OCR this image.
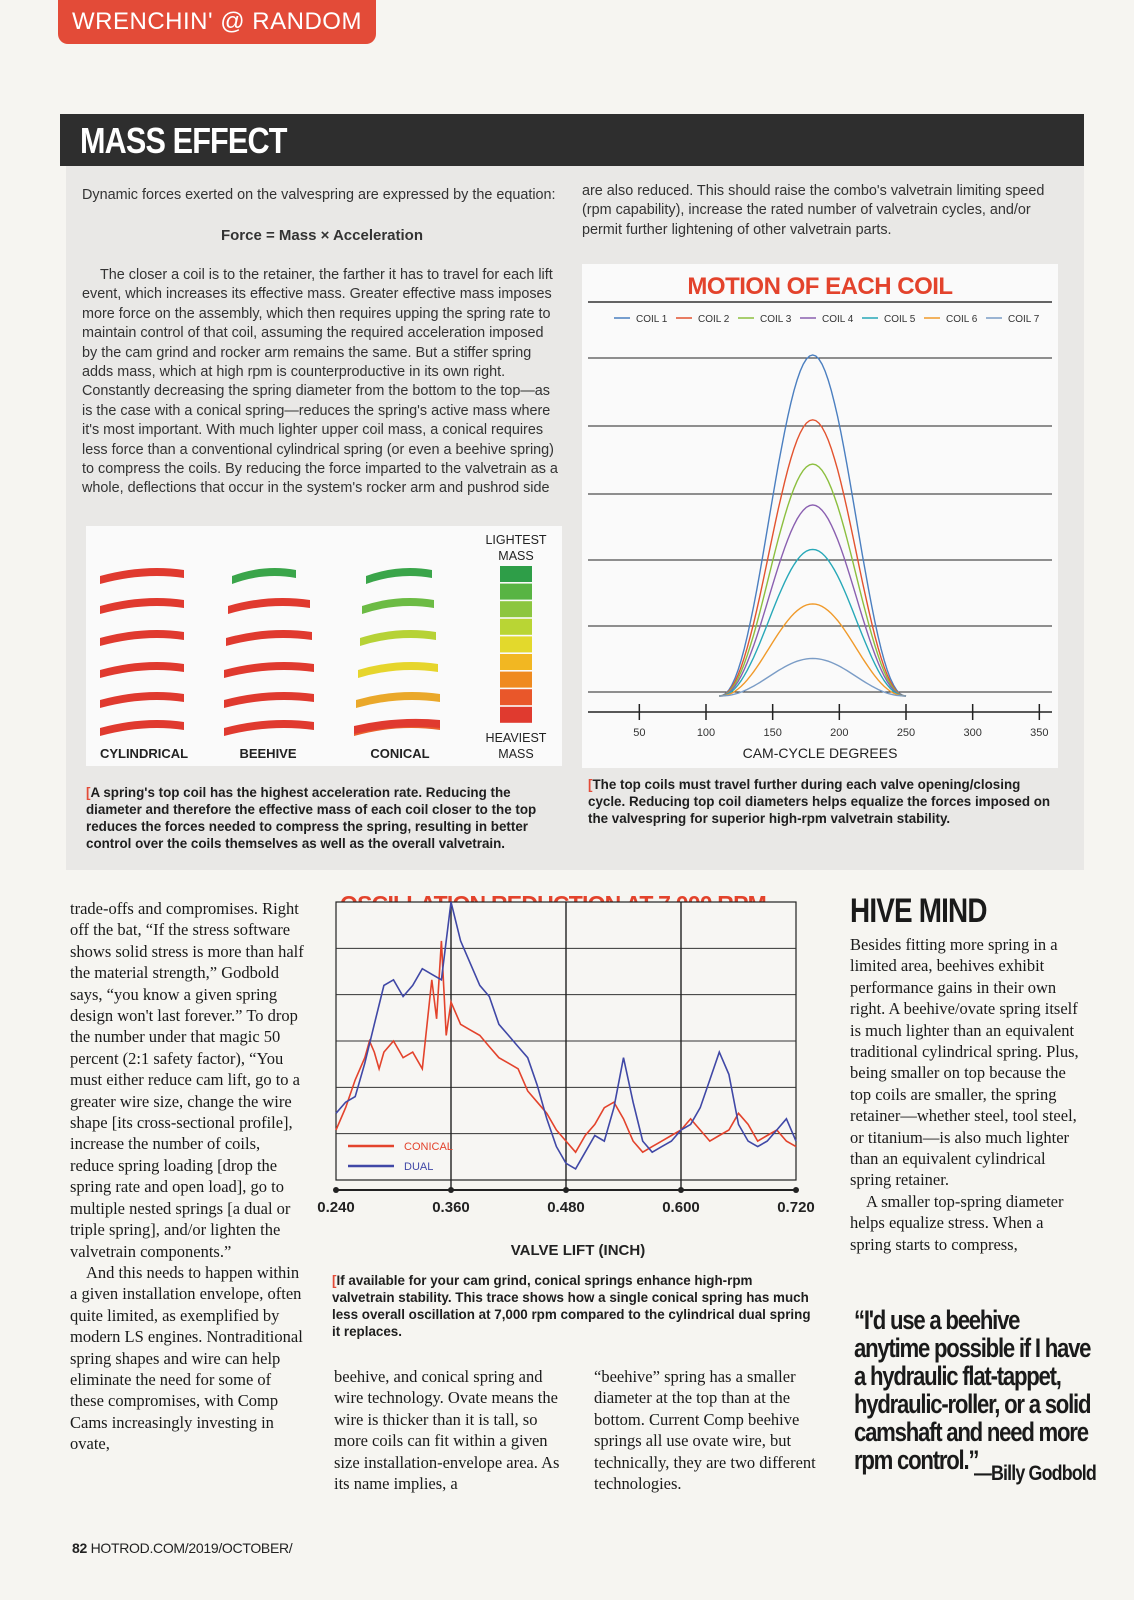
WRENCHIN' @ RANDOM
MASS EFFECT
Dynamic forces exerted on the valvespring are expressed by the equation:
Force = Mass × Acceleration
The closer a coil is to the retainer, the farther it has to travel for each lift event, which increases its effective mass. Greater effective mass imposes more force on the assembly, which then requires upping the spring rate to maintain control of that coil, assuming the required acceleration imposed by the cam grind and rocker arm remains the same. But a stiffer spring adds mass, which at high rpm is counterproductive in its own right. Constantly decreasing the spring diameter from the bottom to the top—as is the case with a conical spring—reduces the spring's active mass where it's most important. With much lighter upper coil mass, a conical requires less force than a conventional cylindrical spring (or even a beehive spring) to compress the coils. By reducing the force imparted to the valvetrain as a whole, deflections that occur in the system's rocker arm and pushrod side
are also reduced. This should raise the combo's valvetrain limiting speed (rpm capability), increase the rated number of valvetrain cycles, and/or permit further lightening of other valvetrain parts.
CYLINDRICAL	BEEHIVE	CONICAL
LIGHTEST
MASS
HEAVIEST
MASS
[A spring's top coil has the highest acceleration rate. Reducing the diameter and therefore the effective mass of each coil closer to the top reduces the forces needed to compress the spring, resulting in better control over the coils themselves as well as the overall valvetrain.
MOTION OF EACH COIL
COIL 1	COIL 2	COIL 3	COIL 4	COIL 5	COIL 6	COIL 7
50	100	150	200	250	300	350
CAM-CYCLE DEGREES
[The top coils must travel further during each valve opening/closing cycle. Reducing top coil diameters helps equalize the forces imposed on the valvespring for superior high-rpm valvetrain stability.
trade-offs and compromises. Right off the bat, “If the stress software shows solid stress is more than half the material strength,” Godbold says, “you know a given spring design won't last forever.” To drop the number under that magic 50 percent (2:1 safety factor), “You must either reduce cam lift, go to a greater wire size, change the wire shape [its cross-sectional profile], increase the number of coils, reduce spring loading [drop the spring rate and open load], go to multiple nested springs [a dual or triple spring], and/or lighten the valvetrain components.”
And this needs to happen within a given installation envelope, often quite limited, as exemplified by modern LS engines. Nontraditional spring shapes and wire can help eliminate the need for some of these compromises, with Comp Cams increasingly investing in ovate,
0.240	0.360	0.480	0.600	0.720
CONICAL
DUAL
VALVE LIFT (INCH)
[If available for your cam grind, conical springs enhance high-rpm valvetrain stability. This trace shows how a single conical spring has much less overall oscillation at 7,000 rpm compared to the cylindrical dual spring it replaces.
beehive, and conical spring and wire technology. Ovate means the wire is thicker than it is tall, so more coils can fit within a given size installation-envelope area. As its name implies, a
“beehive” spring has a smaller diameter at the top than at the bottom. Current Comp beehive springs all use ovate wire, but technically, they are two different technologies.
HIVE MIND
Besides fitting more spring in a limited area, beehives exhibit performance gains in their own right. A beehive/ovate spring itself is much lighter than an equivalent traditional cylindrical spring. Plus, being smaller on top because the top coils are smaller, the spring retainer—whether steel, tool steel, or titanium—is also much lighter than an equivalent cylindrical spring retainer.
A smaller top-spring diameter helps equalize stress. When a spring starts to compress,
“I'd use a beehive anytime possible if I have a hydraulic flat-tappet, hydraulic-roller, or a solid camshaft and need more rpm control.”
—Billy Godbold
82 HOTROD.COM/2019/OCTOBER/
